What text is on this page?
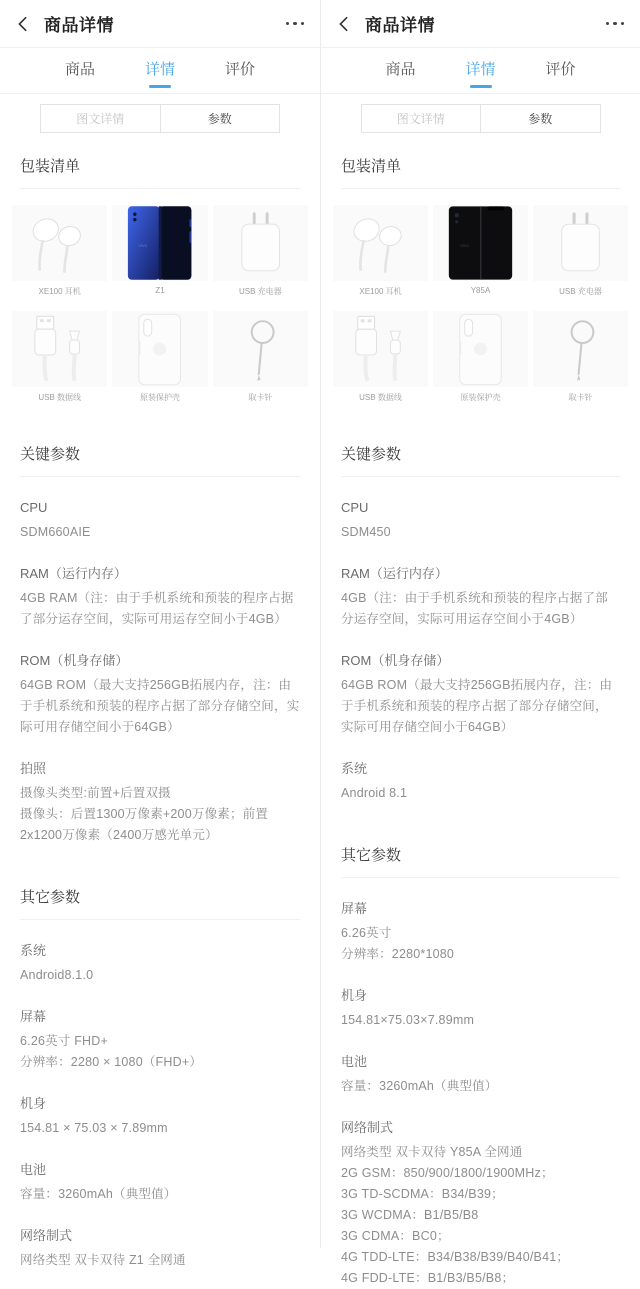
商品详情
商品	详情	评价
图文详情	参数
包装清单
XE100 耳机
vivo
Z1	USB 充电器
USB 数据线	原装保护壳	取卡针
关键参数
CPU
SDM660AIE
RAM（运行内存）
4GB RAM（注：由于手机系统和预装的程序占据了部分运存空间，实际可用运存空间小于4GB）
ROM（机身存储）
64GB ROM（最大支持256GB拓展内存，注：由于手机系统和预装的程序占据了部分存储空间，实际可用存储空间小于64GB）
拍照
摄像头类型:前置+后置双摄
摄像头：后置1300万像素+200万像素；前置2x1200万像素（2400万感光单元）
其它参数
系统
Android8.1.0
屏幕
6.26英寸 FHD+
分辨率：2280 × 1080（FHD+）
机身
154.81 × 75.03 × 7.89mm
电池
容量：3260mAh（典型值）
网络制式
网络类型 双卡双待 Z1 全网通
商品详情
商品	详情	评价
图文详情	参数
包装清单
XE100 耳机
vivo
Y85A	USB 充电器
USB 数据线	原装保护壳	取卡针
关键参数
CPU
SDM450
RAM（运行内存）
4GB（注：由于手机系统和预装的程序占据了部分运存空间，实际可用运存空间小于4GB）
ROM（机身存储）
64GB ROM（最大支持256GB拓展内存，注：由于手机系统和预装的程序占据了部分存储空间，实际可用存储空间小于64GB）
系统
Android 8.1
其它参数
屏幕
6.26英寸
分辨率：2280*1080
机身
154.81×75.03×7.89mm
电池
容量：3260mAh（典型值）
网络制式
网络类型 双卡双待 Y85A 全网通
2G GSM：850/900/1800/1900MHz；
3G TD-SCDMA：B34/B39；
3G WCDMA：B1/B5/B8
3G CDMA：BC0；
4G TDD-LTE：B34/B38/B39/B40/B41；
4G FDD-LTE：B1/B3/B5/B8；
